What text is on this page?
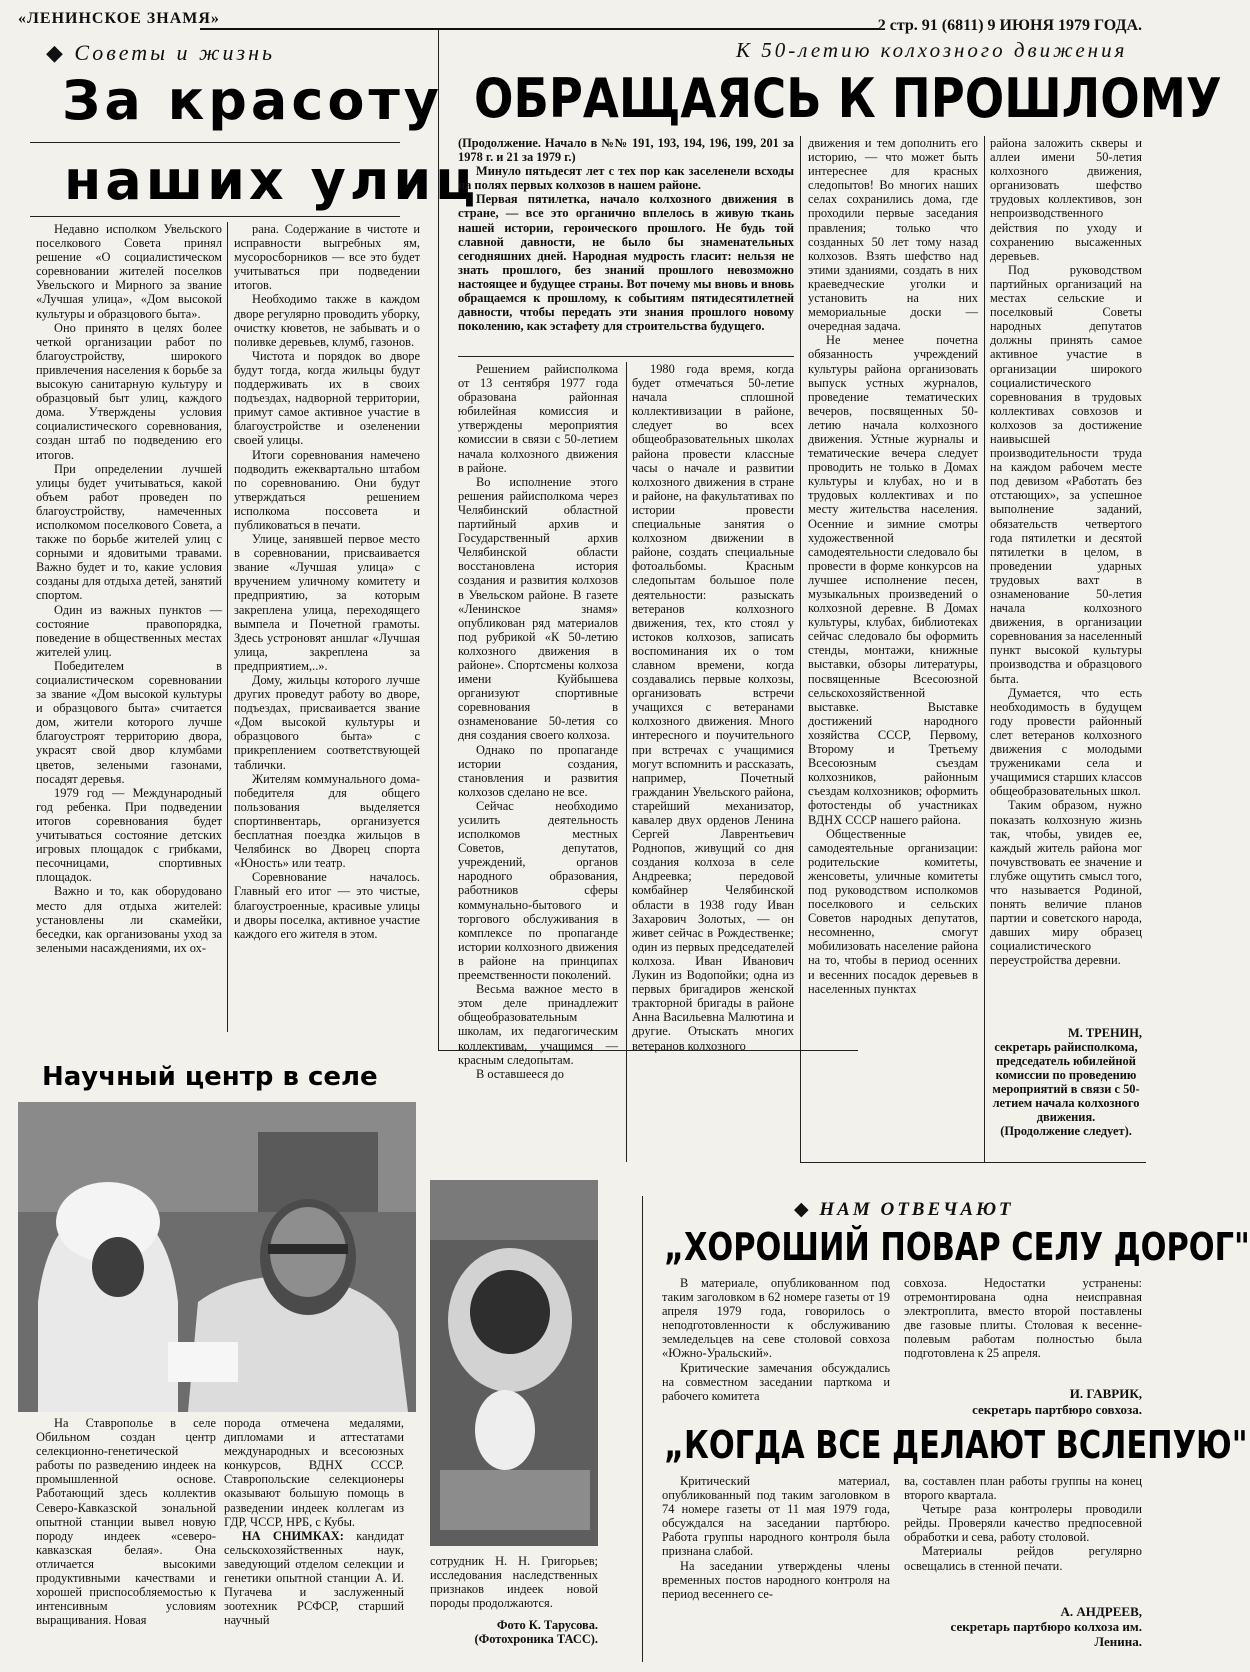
«ЛЕНИНСКОЕ ЗНАМЯ»	2 стр. 91 (6811) 9 ИЮНЯ 1979 ГОДА.
◆ Советы и жизнь
За красоту
наших улиц

Недавно исполком Увельского поселкового Совета принял решение «О социалистическом соревновании жителей поселков Увельского и Мирного за звание «Лучшая улица», «Дом высокой культуры и образцового быта».

Оно принято в целях более четкой организации работ по благоустройству, широкого привлечения населения к борьбе за высокую санитарную культуру и образцовый быт улиц, каждого дома. Утверждены условия социалистического соревнования, создан штаб по подведению его итогов.

При определении лучшей улицы будет учитываться, какой объем работ проведен по благоустройству, намеченных исполкомом поселкового Совета, а также по борьбе жителей улиц с сорными и ядовитыми травами. Важно будет и то, какие условия созданы для отдыха детей, занятий спортом.

Один из важных пунктов — состояние правопорядка, поведение в общественных местах жителей улиц.

Победителем в социалистическом соревновании за звание «Дом высокой культуры и образцового быта» считается дом, жители которого лучше благоустроят территорию двора, украсят свой двор клумбами цветов, зелеными газонами, посадят деревья.

1979 год — Международный год ребенка. При подведении итогов соревнования будет учитываться состояние детских игровых площадок с грибками, песочницами, спортивных площадок.

Важно и то, как оборудовано место для отдыха жителей: установлены ли скамейки, беседки, как организованы уход за зелеными насаждениями, их ох-

рана. Содержание в чистоте и исправности выгребных ям, мусоросборников — все это будет учитываться при подведении итогов.

Необходимо также в каждом дворе регулярно проводить уборку, очистку кюветов, не забывать и о поливке деревьев, клумб, газонов.

Чистота и порядок во дворе будут тогда, когда жильцы будут поддерживать их в своих подъездах, надворной территории, примут самое активное участие в благоустройстве и озеленении своей улицы.

Итоги соревнования намечено подводить ежеквартально штабом по соревнованию. Они будут утверждаться решением исполкома поссовета и публиковаться в печати.

Улице, занявшей первое место в соревновании, присваивается звание «Лучшая улица» с вручением уличному комитету и предприятию, за которым закреплена улица, переходящего вымпела и Почетной грамоты. Здесь устроновят аншлаг «Лучшая улица, закреплена за предприятием,..».

Дому, жильцы которого лучше других проведут работу во дворе, подъездах, присваивается звание «Дом высокой культуры и образцового быта» с прикреплением соответствующей таблички.

Жителям коммунального дома-победителя для общего пользования выделяется спортинвентарь, организуется бесплатная поездка жильцов в Челябинск во Дворец спорта «Юность» или театр.

Соревнование началось. Главный его итог — это чистые, благоустроенные, красивые улицы и дворы поселка, активное участие каждого его жителя в этом.

К 50-летию колхозного движения
ОБРАЩАЯСЬ К ПРОШЛОМУ

(Продолжение. Начало в №№ 191, 193, 194, 196, 199, 201 за 1978 г. и 21 за 1979 г.)

Минуло пятьдесят лет с тех пор как заселенели всходы на полях первых колхозов в нашем районе.

Первая пятилетка, начало колхозного движения в стране, — все это органично вплелось в живую ткань нашей истории, героического прошлого. Не будь той славной давности, не было бы знаменательных сегодняшних дней. Народная мудрость гласит: нельзя не знать прошлого, без знаний прошлого невозможно настоящее и будущее страны. Вот почему мы вновь и вновь обращаемся к прошлому, к событиям пятидесятилетней давности, чтобы передать эти знания прошлого новому поколению, как эстафету для строительства будущего.

Решением райисполкома от 13 сентября 1977 года образована районная юбилейная комиссия и утверждены мероприятия комиссии в связи с 50-летием начала колхозного движения в районе.

Во исполнение этого решения райисполкома через Челябинский областной партийный архив и Государственный архив Челябинской области восстановлена история создания и развития колхозов в Увельском районе. В газете «Ленинское знамя» опубликован ряд материалов под рубрикой «К 50-летию колхозного движения в районе». Спортсмены колхоза имени Куйбышева организуют спортивные соревнования в ознаменование 50-летия со дня создания своего колхоза.

Однако по пропаганде истории создания, становления и развития колхозов сделано не все.

Сейчас необходимо усилить деятельность исполкомов местных Советов, депутатов, учреждений, органов народного образования, работников сферы коммунально-бытового и торгового обслуживания в комплексе по пропаганде истории колхозного движения в районе на принципах преемственности поколений.

Весьма важное место в этом деле принадлежит общеобразовательным школам, их педагогическим коллективам, учащимся — красным следопытам.

В оставшееся до

1980 года время, когда будет отмечаться 50-летие начала сплошной коллективизации в районе, следует во всех общеобразовательных школах района провести классные часы о начале и развитии колхозного движения в стране и районе, на факультативах по истории провести специальные занятия о колхозном движении в районе, создать специальные фотоальбомы. Красным следопытам большое поле деятельности: разыскать ветеранов колхозного движения, тех, кто стоял у истоков колхозов, записать воспоминания их о том славном времени, когда создавались первые колхозы, организовать встречи учащихся с ветеранами колхозного движения. Много интересного и поучительного при встречах с учащимися могут вспомнить и рассказать, например, Почетный гражданин Увельского района, старейший механизатор, кавалер двух орденов Ленина Сергей Лаврентьевич Роднопов, живущий со дня создания колхоза в селе Андреевка; передовой комбайнер Челябинской области в 1938 году Иван Захарович Золотых, — он живет сейчас в Рождественке; один из первых председателей колхоза. Иван Иванович Лукин из Водопойки; одна из первых бригадиров женской тракторной бригады в районе Анна Васильевна Малютина и другие. Отыскать многих ветеранов колхозного

движения и тем дополнить его историю, — что может быть интереснее для красных следопытов! Во многих наших селах сохранились дома, где проходили первые заседания правления; только что созданных 50 лет тому назад колхозов. Взять шефство над этими зданиями, создать в них краеведческие уголки и установить на них мемориальные доски — очередная задача.

Не менее почетна обязанность учреждений культуры района организовать выпуск устных журналов, проведение тематических вечеров, посвященных 50-летию начала колхозного движения. Устные журналы и тематические вечера следует проводить не только в Домах культуры и клубах, но и в трудовых коллективах и по месту жительства населения. Осенние и зимние смотры художественной самодеятельности следовало бы провести в форме конкурсов на лучшее исполнение песен, музыкальных произведений о колхозной деревне. В Домах культуры, клубах, библиотеках сейчас следовало бы оформить стенды, монтажи, книжные выставки, обзоры литературы, посвященные Всесоюзной сельскохозяйственной выставке. Выставке достижений народного хозяйства СССР, Первому, Второму и Третьему Всесоюзным съездам колхозников, районным съездам колхозников; оформить фотостенды об участниках ВДНХ СССР нашего района.

Общественные самодеятельные организации: родительские комитеты, женсоветы, уличные комитеты под руководством исполкомов поселкового и сельских Советов народных депутатов, несомненно, смогут мобилизовать население района на то, чтобы в период осенних и весенних посадок деревьев в населенных пунктах

района заложить скверы и аллеи имени 50-летия колхозного движения, организовать шефство трудовых коллективов, зон непроизводственного действия по уходу и сохранению высаженных деревьев.

Под руководством партийных организаций на местах сельские и поселковый Советы народных депутатов должны принять самое активное участие в организации широкого социалистического соревнования в трудовых коллективах совхозов и колхозов за достижение наивысшей производительности труда на каждом рабочем месте под девизом «Работать без отстающих», за успешное выполнение заданий, обязательств четвертого года пятилетки и десятой пятилетки в целом, в проведении ударных трудовых вахт в ознаменование 50-летия начала колхозного движения, в организации соревнования за населенный пункт высокой культуры производства и образцового быта.

Думается, что есть необходимость в будущем году провести районный слет ветеранов колхозного движения с молодыми тружениками села и учащимися старших классов общеобразовательных школ.

Таким образом, нужно показать колхозную жизнь так, чтобы, увидев ее, каждый житель района мог почувствовать ее значение и глубже ощутить смысл того, что называется Родиной, понять величие планов партии и советского народа, давших миру образец социалистического переустройства деревни.

М. ТРЕНИН,
секретарь райисполкома, председатель юбилейной комиссии по проведению мероприятий в связи с 50-летием начала колхозного движения.
(Продолжение следует).
Научный центр в селе

На Ставрополье в селе Обильном создан центр селекционно-генетической работы по разведению индеек на промышленной основе. Работающий здесь коллектив Северо-Кавказской зональной опытной станции вывел новую породу индеек «северо-кавказская белая». Она отличается высокими продуктивными качествами и хорошей приспособляемостью к интенсивным условиям выращивания. Новая

порода отмечена медалями, дипломами и аттестатами международных и всесоюзных конкурсов, ВДНХ СССР. Ставропольские селекционеры оказывают большую помощь в разведении индеек коллегам из ГДР, ЧССР, НРБ, с Кубы.

НА СНИМКАХ: кандидат сельскохозяйственных наук, заведующий отделом селекции и генетики опытной станции А. И. Пугачева и заслуженный зоотехник РСФСР, старший научный

сотрудник Н. Н. Григорьев; исследования наследственных признаков индеек новой породы продолжаются.

Фото К. Тарусова. (Фотохроника ТАСС).
◆ НАМ ОТВЕЧАЮТ
„ХОРОШИЙ ПОВАР СЕЛУ ДОРОГ"

В материале, опубликованном под таким заголовком в 62 номере газеты от 19 апреля 1979 года, говорилось о неподготовленности к обслуживанию земледельцев на севе столовой совхоза «Южно-Уральский».

Критические замечания обсуждались на совместном заседании парткома и рабочего комитета

совхоза. Недостатки устранены: отремонтирована одна неисправная электроплита, вместо второй поставлены две газовые плиты. Столовая к весенне-полевым работам полностью была подготовлена к 25 апреля.

И. ГАВРИК,
секретарь партбюро совхоза.
„КОГДА ВСЕ ДЕЛАЮТ ВСЛЕПУЮ"

Критический материал, опубликованный под таким заголовком в 74 номере газеты от 11 мая 1979 года, обсуждался на заседании партбюро. Работа группы народного контроля была признана слабой.

На заседании утверждены члены временных постов народного контроля на период весеннего се-

ва, составлен план работы группы на конец второго квартала.

Четыре раза контролеры проводили рейды. Проверяли качество предпосевной обработки и сева, работу столовой.

Материалы рейдов регулярно освещались в стенной печати.

А. АНДРЕЕВ,
секретарь партбюро колхоза им. Ленина.
